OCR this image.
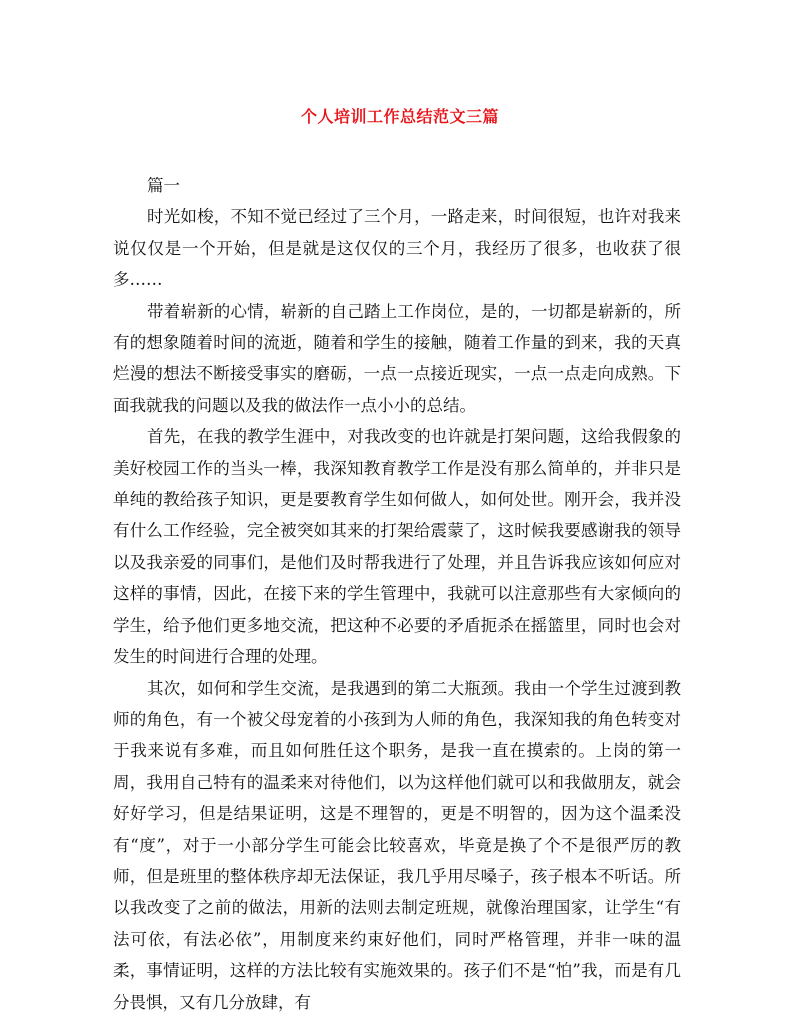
个人培训工作总结范文三篇

篇一

时光如梭，不知不觉已经过了三个月，一路走来，时间很短，也许对我来说仅仅是一个开始，但是就是这仅仅的三个月，我经历了很多，也收获了很多……

带着崭新的心情，崭新的自己踏上工作岗位，是的，一切都是崭新的，所有的想象随着时间的流逝，随着和学生的接触，随着工作量的到来，我的天真烂漫的想法不断接受事实的磨砺，一点一点接近现实，一点一点走向成熟。下面我就我的问题以及我的做法作一点小小的总结。

首先，在我的教学生涯中，对我改变的也许就是打架问题，这给我假象的美好校园工作的当头一棒，我深知教育教学工作是没有那么简单的，并非只是单纯的教给孩子知识，更是要教育学生如何做人，如何处世。刚开会，我并没有什么工作经验，完全被突如其来的打架给震蒙了，这时候我要感谢我的领导以及我亲爱的同事们，是他们及时帮我进行了处理，并且告诉我应该如何应对这样的事情，因此，在接下来的学生管理中，我就可以注意那些有大家倾向的学生，给予他们更多地交流，把这种不必要的矛盾扼杀在摇篮里，同时也会对发生的时间进行合理的处理。

其次，如何和学生交流，是我遇到的第二大瓶颈。我由一个学生过渡到教师的角色，有一个被父母宠着的小孩到为人师的角色，我深知我的角色转变对于我来说有多难，而且如何胜任这个职务，是我一直在摸索的。上岗的第一周，我用自己特有的温柔来对待他们，以为这样他们就可以和我做朋友，就会好好学习，但是结果证明，这是不理智的，更是不明智的，因为这个温柔没有“度”，对于一小部分学生可能会比较喜欢，毕竟是换了个不是很严厉的教师，但是班里的整体秩序却无法保证，我几乎用尽嗓子，孩子根本不听话。所以我改变了之前的做法，用新的法则去制定班规，就像治理国家，让学生“有法可依，有法必依”，用制度来约束好他们，同时严格管理，并非一味的温柔，事情证明，这样的方法比较有实施效果的。孩子们不是“怕”我，而是有几分畏惧，又有几分放肆，有
